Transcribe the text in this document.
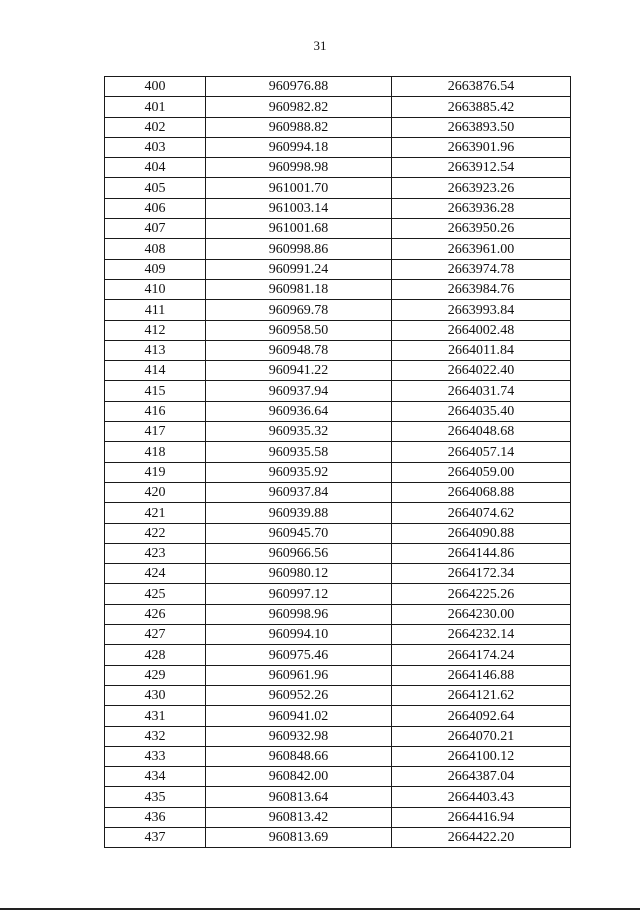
31
400	960976.88	2663876.54
401	960982.82	2663885.42
402	960988.82	2663893.50
403	960994.18	2663901.96
404	960998.98	2663912.54
405	961001.70	2663923.26
406	961003.14	2663936.28
407	961001.68	2663950.26
408	960998.86	2663961.00
409	960991.24	2663974.78
410	960981.18	2663984.76
411	960969.78	2663993.84
412	960958.50	2664002.48
413	960948.78	2664011.84
414	960941.22	2664022.40
415	960937.94	2664031.74
416	960936.64	2664035.40
417	960935.32	2664048.68
418	960935.58	2664057.14
419	960935.92	2664059.00
420	960937.84	2664068.88
421	960939.88	2664074.62
422	960945.70	2664090.88
423	960966.56	2664144.86
424	960980.12	2664172.34
425	960997.12	2664225.26
426	960998.96	2664230.00
427	960994.10	2664232.14
428	960975.46	2664174.24
429	960961.96	2664146.88
430	960952.26	2664121.62
431	960941.02	2664092.64
432	960932.98	2664070.21
433	960848.66	2664100.12
434	960842.00	2664387.04
435	960813.64	2664403.43
436	960813.42	2664416.94
437	960813.69	2664422.20
